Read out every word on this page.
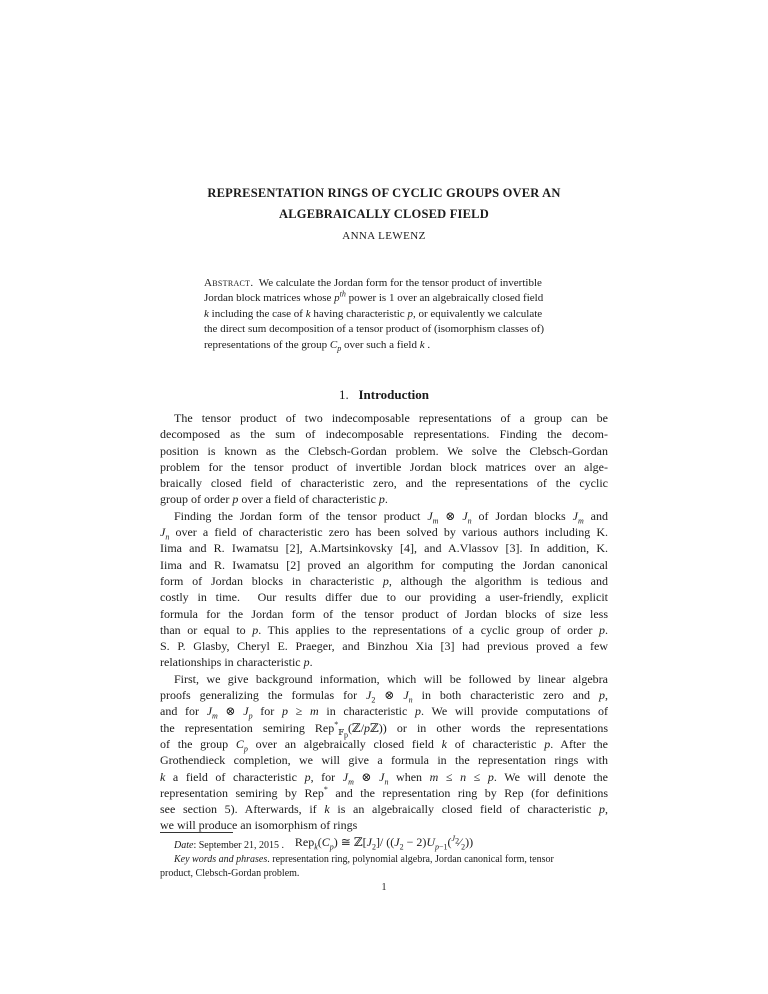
REPRESENTATION RINGS OF CYCLIC GROUPS OVER AN
ALGEBRAICALLY CLOSED FIELD
ANNA LEWENZ
Abstract.  We calculate the Jordan form for the tensor product of invertible
Jordan block matrices whose $p^{th}$ power is 1 over an algebraically closed field
k including the case of k having characteristic p, or equivalently we calculate
the direct sum decomposition of a tensor product of (isomorphism classes of)
representations of the group $C_p$ over such a field k .
1. Introduction
The tensor product of two indecomposable representations of a group can be
decomposed as the sum of indecomposable representations. Finding the decom-
position is known as the Clebsch-Gordan problem. We solve the Clebsch-Gordan
problem for the tensor product of invertible Jordan block matrices over an alge-
braically closed field of characteristic zero, and the representations of the cyclic
group of order p over a field of characteristic p.
Finding the Jordan form of the tensor product $J_m$ ⊗ $J_n$ of Jordan blocks $J_m$ and
$J_n$ over a field of characteristic zero has been solved by various authors including K.
Iima and R. Iwamatsu [2], A.Martsinkovsky [4], and A.Vlassov [3]. In addition, K.
Iima and R. Iwamatsu [2] proved an algorithm for computing the Jordan canonical
form of Jordan blocks in characteristic p, although the algorithm is tedious and
costly in time.  Our results differ due to our providing a user-friendly, explicit
formula for the Jordan form of the tensor product of Jordan blocks of size less
than or equal to p. This applies to the representations of a cyclic group of order p.
S. P. Glasby, Cheryl E. Praeger, and Binzhou Xia [3] had previous proved a few
relationships in characteristic p.
First, we give background information, which will be followed by linear algebra
proofs generalizing the formulas for $J_2$ ⊗ $J_n$ in both characteristic zero and p,
and for $J_m$ ⊗ $J_p$ for p ≥ m in characteristic p. We will provide computations of
the representation semiring Rep*$_{𝔽_p}$(ℤ/pℤ)) or in other words the representations
of the group $C_p$ over an algebraically closed field k of characteristic p. After the
Grothendieck completion, we will give a formula in the representation rings with
k a field of characteristic p, for $J_m$ ⊗ $J_n$ when m ≤ n ≤ p. We will denote the
representation semiring by Rep* and the representation ring by Rep (for definitions
see section 5). Afterwards, if k is an algebraically closed field of characteristic p,
we will produce an isomorphism of rings
$Rep_k(C_p)$ ≅ $ℤ[J_2]/$ (($J_2$ − $2)U_{p-1}(^{J_2}⁄_2)$)
Date: September 21, 2015 .
Key words and phrases. representation ring, polynomial algebra, Jordan canonical form, tensor
product, Clebsch-Gordan problem.
1
